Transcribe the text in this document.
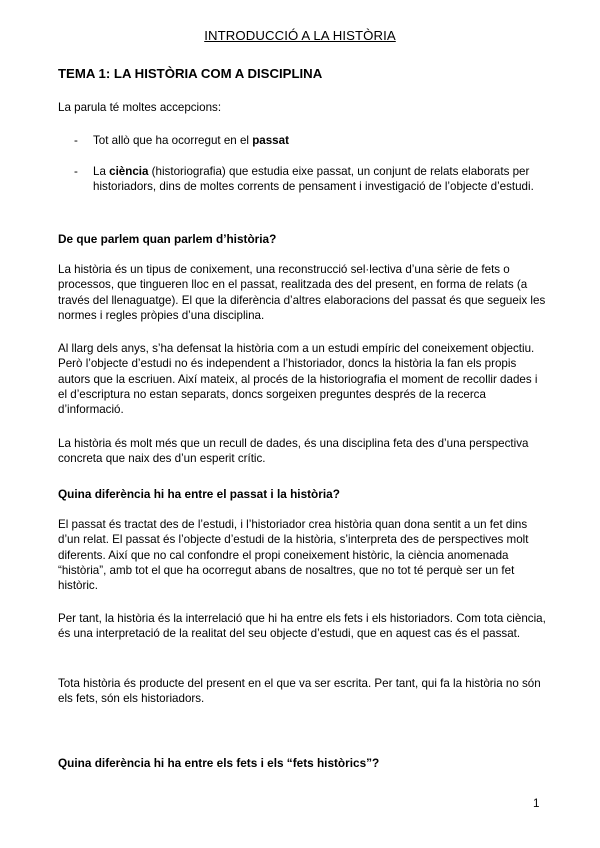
INTRODUCCIÓ A LA HISTÒRIA
TEMA 1: LA HISTÒRIA COM A DISCIPLINA
La parula té moltes accepcions:
- Tot allò que ha ocorregut en el passat
- La ciència (historiografia) que estudia eixe passat, un conjunt de relats elaborats per historiadors, dins de moltes corrents de pensament i investigació de l’objecte d’estudi.
De que parlem quan parlem d’història?
La història és un tipus de conixement, una reconstrucció sel·lectiva d’una sèrie de fets o processos, que tingueren lloc en el passat, realitzada des del present, en forma de relats (a través del llenaguatge). El que la diferència d’altres elaboracions del passat és que segueix les normes i regles pròpies d’una disciplina.
Al llarg dels anys, s’ha defensat la història com a un estudi empíric del coneixement objectiu. Però l’objecte d’estudi no és independent a l’historiador, doncs la història la fan els propis autors que la escriuen. Així mateix, al procés de la historiografia el moment de recollir dades i el d’escriptura no estan separats, doncs sorgeixen preguntes després de la recerca d’informació.
La història és molt més que un recull de dades, és una disciplina feta des d’una perspectiva concreta que naix des d’un esperit crític.
Quina diferència hi ha entre el passat i la història?
El passat és tractat des de l’estudi, i l’historiador crea història quan dona sentit a un fet dins d’un relat. El passat és l’objecte d’estudi de la història, s’interpreta des de perspectives molt diferents. Així que no cal confondre el propi coneixement històric, la ciència anomenada “història”, amb tot el que ha ocorregut abans de nosaltres, que no tot té perquè ser un fet històric.
Per tant, la història és la interrelació que hi ha entre els fets i els historiadors. Com tota ciència, és una interpretació de la realitat del seu objecte d’estudi, que en aquest cas és el passat.
Tota història és producte del present en el que va ser escrita. Per tant, qui fa la història no són els fets, són els historiadors.
Quina diferència hi ha entre els fets i els “fets històrics”?
1
